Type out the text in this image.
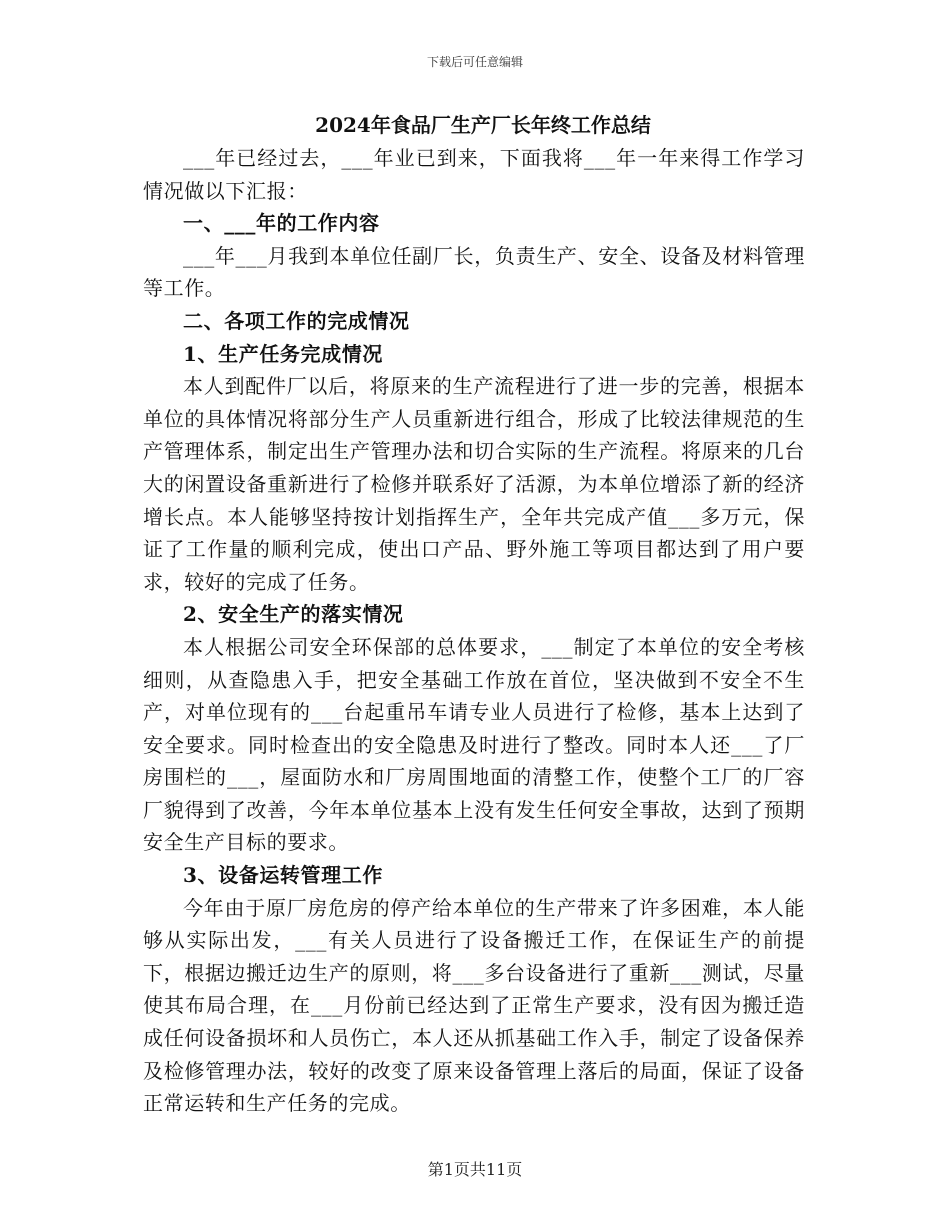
下载后可任意编辑
2024年食品厂生产厂长年终工作总结

___年已经过去，___年业已到来，下面我将___年一年来得工作学习情况做以下汇报：

一、___年的工作内容

___年___月我到本单位任副厂长，负责生产、安全、设备及材料管理等工作。

二、各项工作的完成情况

1、生产任务完成情况

本人到配件厂以后，将原来的生产流程进行了进一步的完善，根据本单位的具体情况将部分生产人员重新进行组合，形成了比较法律规范的生产管理体系，制定出生产管理办法和切合实际的生产流程。将原来的几台大的闲置设备重新进行了检修并联系好了活源，为本单位增添了新的经济增长点。本人能够坚持按计划指挥生产，全年共完成产值___多万元，保证了工作量的顺利完成，使出口产品、野外施工等项目都达到了用户要求，较好的完成了任务。

2、安全生产的落实情况

本人根据公司安全环保部的总体要求，___制定了本单位的安全考核细则，从查隐患入手，把安全基础工作放在首位，坚决做到不安全不生产，对单位现有的___台起重吊车请专业人员进行了检修，基本上达到了安全要求。同时检查出的安全隐患及时进行了整改。同时本人还___了厂房围栏的___，屋面防水和厂房周围地面的清整工作，使整个工厂的厂容厂貌得到了改善，今年本单位基本上没有发生任何安全事故，达到了预期安全生产目标的要求。

3、设备运转管理工作

今年由于原厂房危房的停产给本单位的生产带来了许多困难，本人能够从实际出发，___有关人员进行了设备搬迁工作，在保证生产的前提下，根据边搬迁边生产的原则，将___多台设备进行了重新___测试，尽量使其布局合理，在___月份前已经达到了正常生产要求，没有因为搬迁造成任何设备损坏和人员伤亡，本人还从抓基础工作入手，制定了设备保养及检修管理办法，较好的改变了原来设备管理上落后的局面，保证了设备正常运转和生产任务的完成。

第1页共11页
